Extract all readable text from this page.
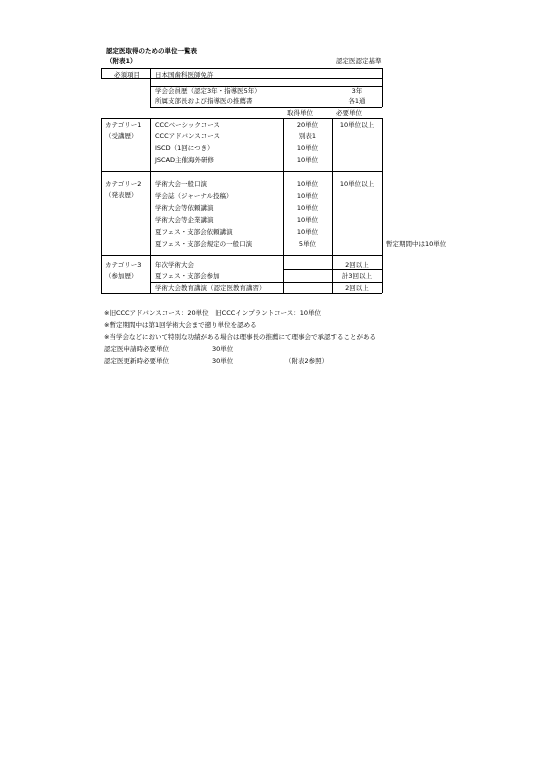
認定医取得のための単位一覧表
（附表1）	認定医認定基準
必須項目 日本国歯科医師免許
学会会員歴（認定3年・指導医5年）	3年
所属支部長および指導医の推薦書	各1通
取得単位	必要単位
カテゴリー1
（受講歴）
10単位以上
CCCベーシックコース	20単位
CCCアドバンスコース	別表1
ISCD（1回につき）	10単位
JSCAD主催海外研修	10単位
カテゴリー2
（発表歴）
10単位以上
学術大会一般口演	10単位
学会誌（ジャーナル投稿）	10単位
学術大会等依頼講演	10単位
学術大会等企業講演	10単位
夏フェス・支部会依頼講演	10単位
夏フェス・支部会規定の一般口演	5単位	暫定期間中は10単位
カテゴリー3
（参加歴）
年次学術大会	2回以上
夏フェス・支部会参加	計3回以上
学術大会教育講演（認定医教育講習）	2回以上
※旧CCCアドバンスコース：20単位　旧CCCインプラントコース：10単位
※暫定期間中は第1回学術大会まで遡り単位を認める
※当学会などにおいて特別な功績がある場合は理事長の推薦にて理事会で承認することがある
認定医申請時必要単位	30単位
認定医更新時必要単位	30単位	（附表2参照）
